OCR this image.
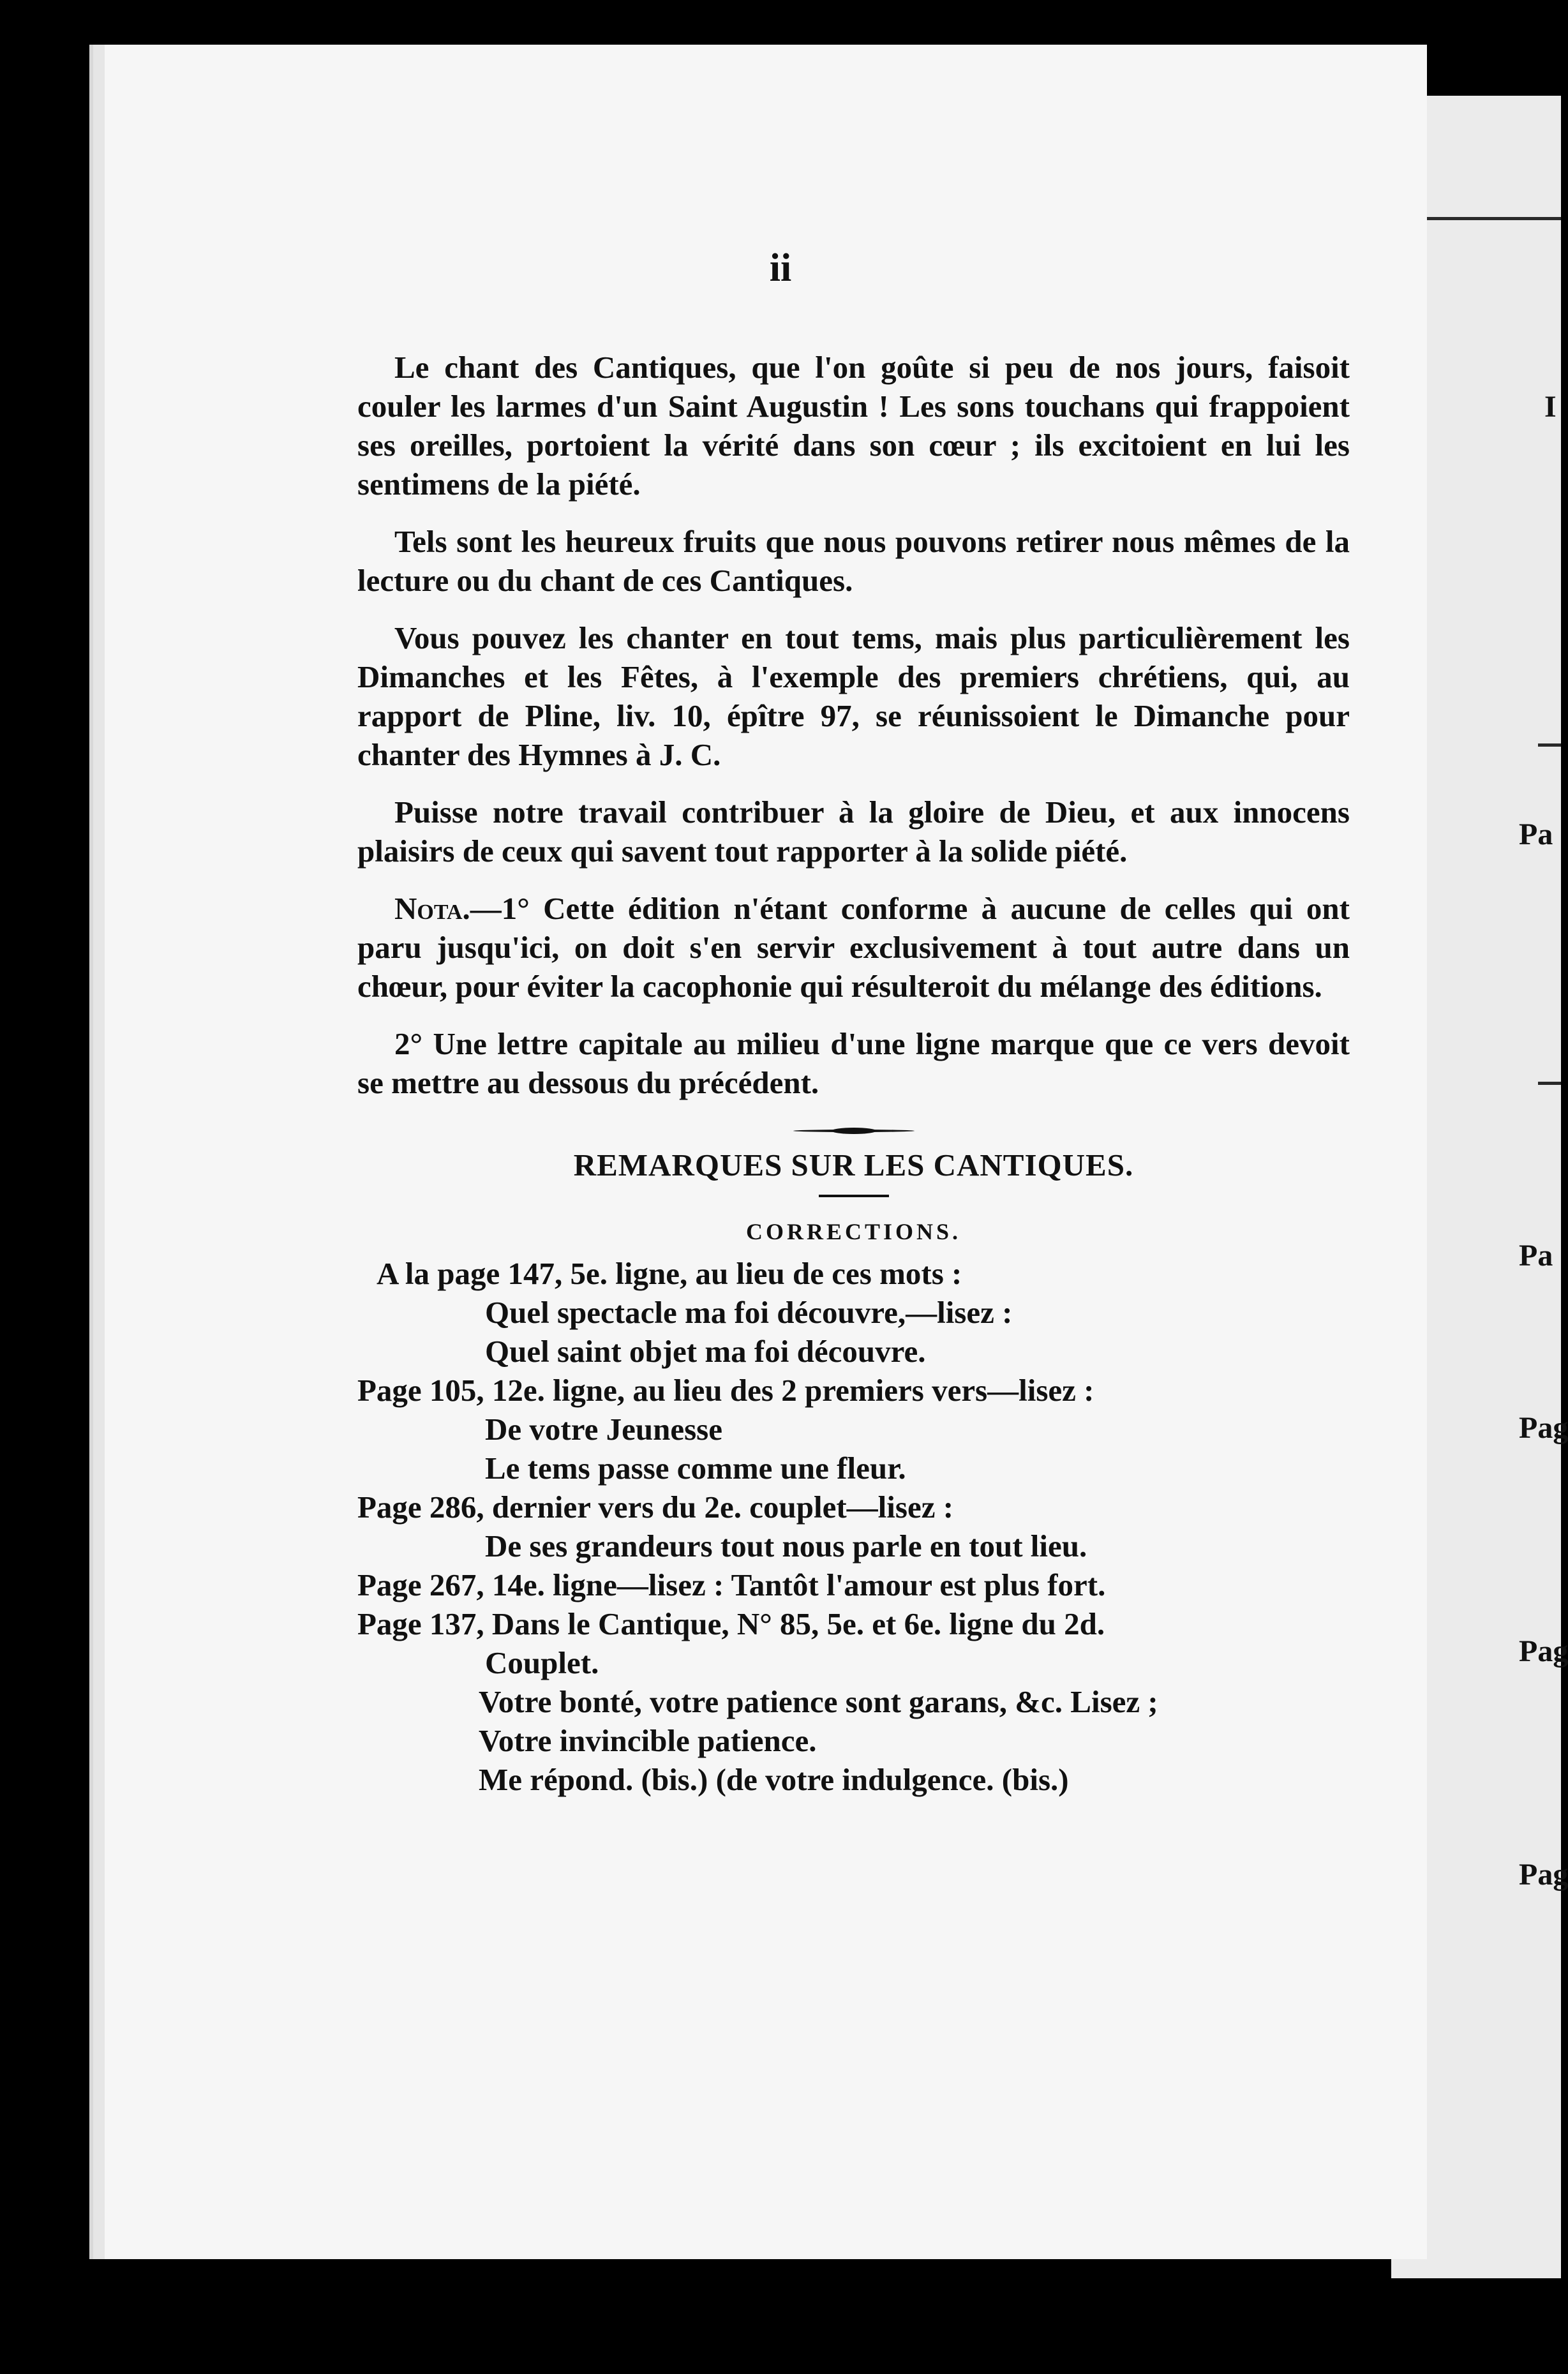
I
Pa
Pa
Pag
Pag
Pag
ii

Le chant des Cantiques, que l'on goûte si peu de nos jours, faisoit couler les larmes d'un Saint Augustin ! Les sons touchans qui frappoient ses oreilles, portoient la vérité dans son cœur ; ils excitoient en lui les sentimens de la piété.

Tels sont les heureux fruits que nous pouvons retirer nous mêmes de la lecture ou du chant de ces Cantiques.

Vous pouvez les chanter en tout tems, mais plus particulièrement les Dimanches et les Fêtes, à l'exemple des premiers chrétiens, qui, au rapport de Pline, liv. 10, épître 97, se réunissoient le Dimanche pour chanter des Hymnes à J. C.

Puisse notre travail contribuer à la gloire de Dieu, et aux innocens plaisirs de ceux qui savent tout rapporter à la solide piété.

Nota.—1° Cette édition n'étant conforme à aucune de celles qui ont paru jusqu'ici, on doit s'en servir exclusivement à tout autre dans un chœur, pour éviter la cacophonie qui résulteroit du mélange des éditions.

2° Une lettre capitale au milieu d'une ligne marque que ce vers devoit se mettre au dessous du précédent.

REMARQUES SUR LES CANTIQUES.
CORRECTIONS.

A la page 147, 5e. ligne, au lieu de ces mots :

Quel spectacle ma foi découvre,—lisez :

Quel saint objet ma foi découvre.

Page 105, 12e. ligne, au lieu des 2 premiers vers—lisez :

De votre Jeunesse

Le tems passe comme une fleur.

Page 286, dernier vers du 2e. couplet—lisez :

De ses grandeurs tout nous parle en tout lieu.

Page 267, 14e. ligne—lisez : Tantôt l'amour est plus fort.

Page 137, Dans le Cantique, N° 85, 5e. et 6e. ligne du 2d.

Couplet.

Votre bonté, votre patience sont garans, &c. Lisez ;

Votre invincible patience.

Me répond. (bis.) (de votre indulgence. (bis.)
